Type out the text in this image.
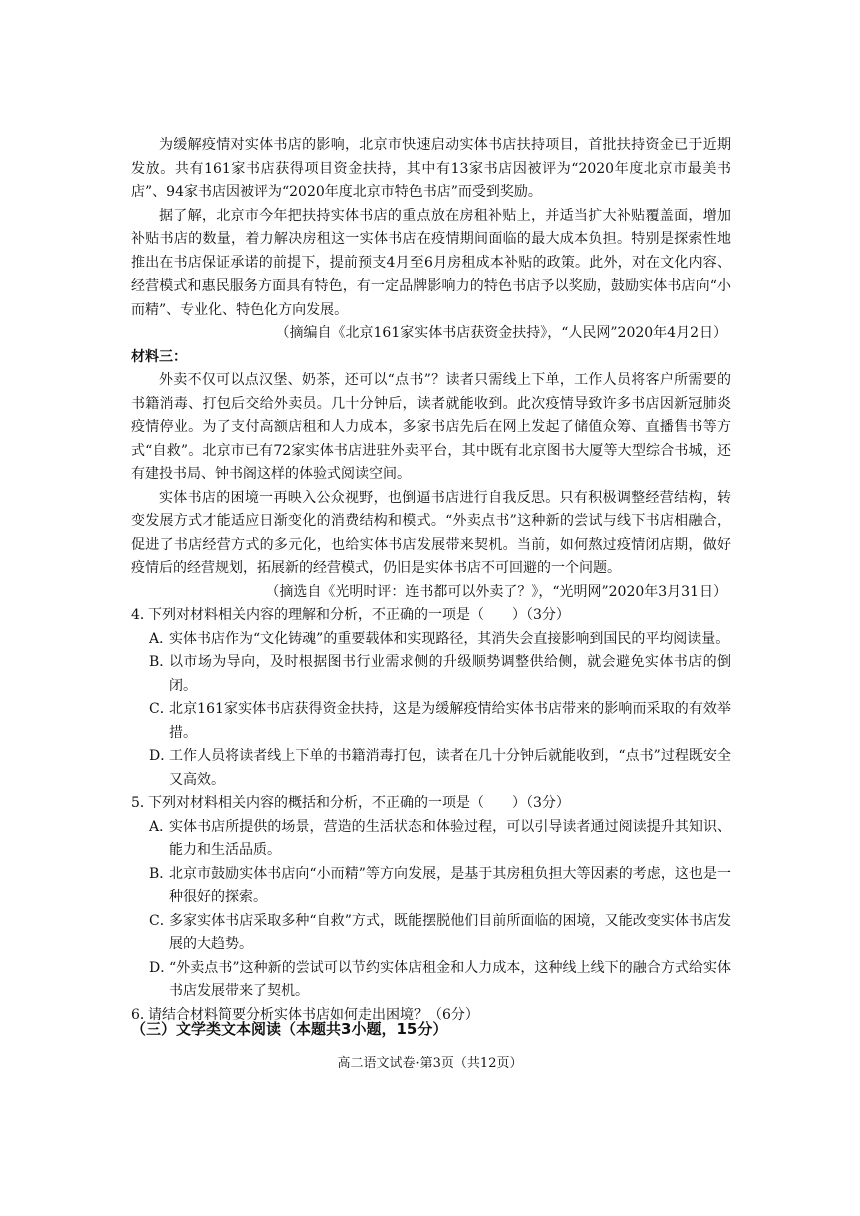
为缓解疫情对实体书店的影响，北京市快速启动实体书店扶持项目，首批扶持资金已于近期发放。共有161家书店获得项目资金扶持，其中有13家书店因被评为“2020年度北京市最美书店”、94家书店因被评为“2020年度北京市特色书店”而受到奖励。

据了解，北京市今年把扶持实体书店的重点放在房租补贴上，并适当扩大补贴覆盖面，增加补贴书店的数量，着力解决房租这一实体书店在疫情期间面临的最大成本负担。特别是探索性地推出在书店保证承诺的前提下，提前预支4月至6月房租成本补贴的政策。此外，对在文化内容、经营模式和惠民服务方面具有特色，有一定品牌影响力的特色书店予以奖励，鼓励实体书店向“小而精”、专业化、特色化方向发展。

（摘编自《北京161家实体书店获资金扶持》，“人民网”2020年4月2日）

材料三：

外卖不仅可以点汉堡、奶茶，还可以“点书”？读者只需线上下单，工作人员将客户所需要的书籍消毒、打包后交给外卖员。几十分钟后，读者就能收到。此次疫情导致许多书店因新冠肺炎疫情停业。为了支付高额店租和人力成本，多家书店先后在网上发起了储值众筹、直播售书等方式“自救”。北京市已有72家实体书店进驻外卖平台，其中既有北京图书大厦等大型综合书城，还有建投书局、钟书阁这样的体验式阅读空间。

实体书店的困境一再映入公众视野，也倒逼书店进行自我反思。只有积极调整经营结构，转变发展方式才能适应日渐变化的消费结构和模式。“外卖点书”这种新的尝试与线下书店相融合，促进了书店经营方式的多元化，也给实体书店发展带来契机。当前，如何熬过疫情闭店期，做好疫情后的经营规划，拓展新的经营模式，仍旧是实体书店不可回避的一个问题。

（摘选自《光明时评：连书都可以外卖了？》，“光明网”2020年3月31日）

4．
下列对材料相关内容的理解和分析，不正确的一项是（　　）（3分）
A．
实体书店作为“文化铸魂”的重要载体和实现路径，其消失会直接影响到国民的平均阅读量。
B．
以市场为导向，及时根据图书行业需求侧的升级顺势调整供给侧，就会避免实体书店的倒闭。
C．
北京161家实体书店获得资金扶持，这是为缓解疫情给实体书店带来的影响而采取的有效举措。
D．
工作人员将读者线上下单的书籍消毒打包，读者在几十分钟后就能收到，“点书”过程既安全又高效。
5．
下列对材料相关内容的概括和分析，不正确的一项是（　　）（3分）
A．
实体书店所提供的场景，营造的生活状态和体验过程，可以引导读者通过阅读提升其知识、能力和生活品质。
B．
北京市鼓励实体书店向“小而精”等方向发展，是基于其房租负担大等因素的考虑，这也是一种很好的探索。
C．
多家实体书店采取多种“自救”方式，既能摆脱他们目前所面临的困境，又能改变实体书店发展的大趋势。
D．
“外卖点书”这种新的尝试可以节约实体店租金和人力成本，这种线上线下的融合方式给实体书店发展带来了契机。
6．
请结合材料简要分析实体书店如何走出困境？（6分）
（三）文学类文本阅读（本题共3小题，15分）
高二语文试卷·第3页（共12页）
